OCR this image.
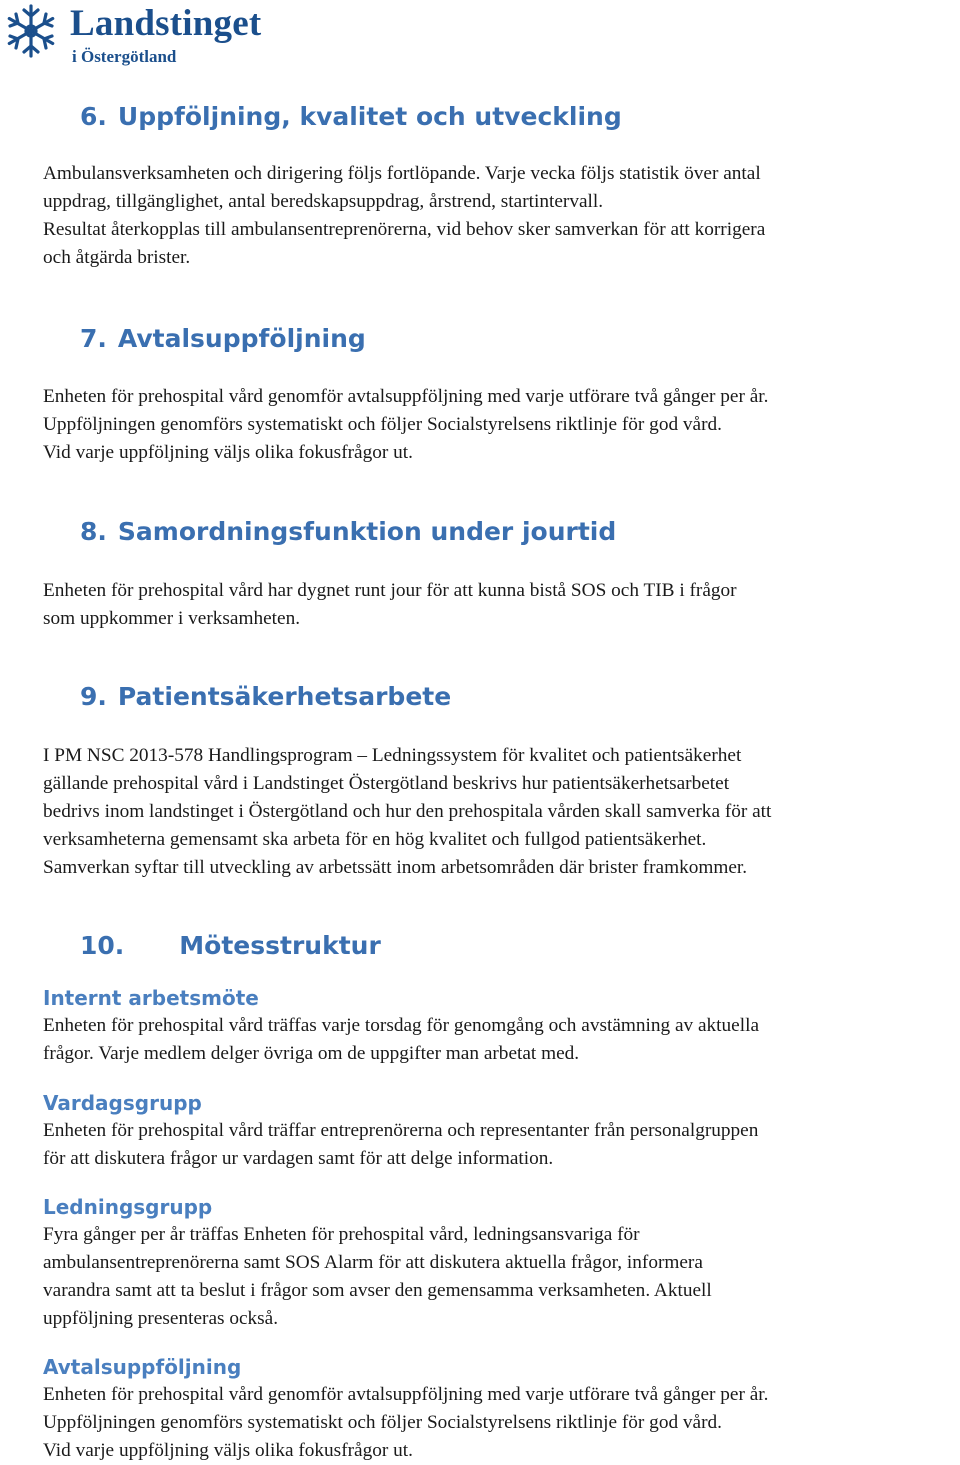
Landstinget
i Östergötland
6. Uppföljning, kvalitet och utveckling
Ambulansverksamheten och dirigering följs fortlöpande. Varje vecka följs statistik över antal
uppdrag, tillgänglighet, antal beredskapsuppdrag, årstrend, startintervall.
Resultat återkopplas till ambulansentreprenörerna, vid behov sker samverkan för att korrigera
och åtgärda brister.
7. Avtalsuppföljning
Enheten för prehospital vård genomför avtalsuppföljning med varje utförare två gånger per år.
Uppföljningen genomförs systematiskt och följer Socialstyrelsens riktlinje för god vård.
Vid varje uppföljning väljs olika fokusfrågor ut.
8. Samordningsfunktion under jourtid
Enheten för prehospital vård har dygnet runt jour för att kunna bistå SOS och TIB i frågor
som uppkommer i verksamheten.
9. Patientsäkerhetsarbete
I PM NSC 2013-578 Handlingsprogram – Ledningssystem för kvalitet och patientsäkerhet
gällande prehospital vård i Landstinget Östergötland beskrivs hur patientsäkerhetsarbetet
bedrivs inom landstinget i Östergötland och hur den prehospitala vården skall samverka för att
verksamheterna gemensamt ska arbeta för en hög kvalitet och fullgod patientsäkerhet.
Samverkan syftar till utveckling av arbetssätt inom arbetsområden där brister framkommer.
10. Mötesstruktur
Internt arbetsmöte
Enheten för prehospital vård träffas varje torsdag för genomgång och avstämning av aktuella
frågor. Varje medlem delger övriga om de uppgifter man arbetat med.
Vardagsgrupp
Enheten för prehospital vård träffar entreprenörerna och representanter från personalgruppen
för att diskutera frågor ur vardagen samt för att delge information.
Ledningsgrupp
Fyra gånger per år träffas Enheten för prehospital vård, ledningsansvariga för
ambulansentreprenörerna samt SOS Alarm för att diskutera aktuella frågor, informera
varandra samt att ta beslut i frågor som avser den gemensamma verksamheten. Aktuell
uppföljning presenteras också.
Avtalsuppföljning
Enheten för prehospital vård genomför avtalsuppföljning med varje utförare två gånger per år.
Uppföljningen genomförs systematiskt och följer Socialstyrelsens riktlinje för god vård.
Vid varje uppföljning väljs olika fokusfrågor ut.
